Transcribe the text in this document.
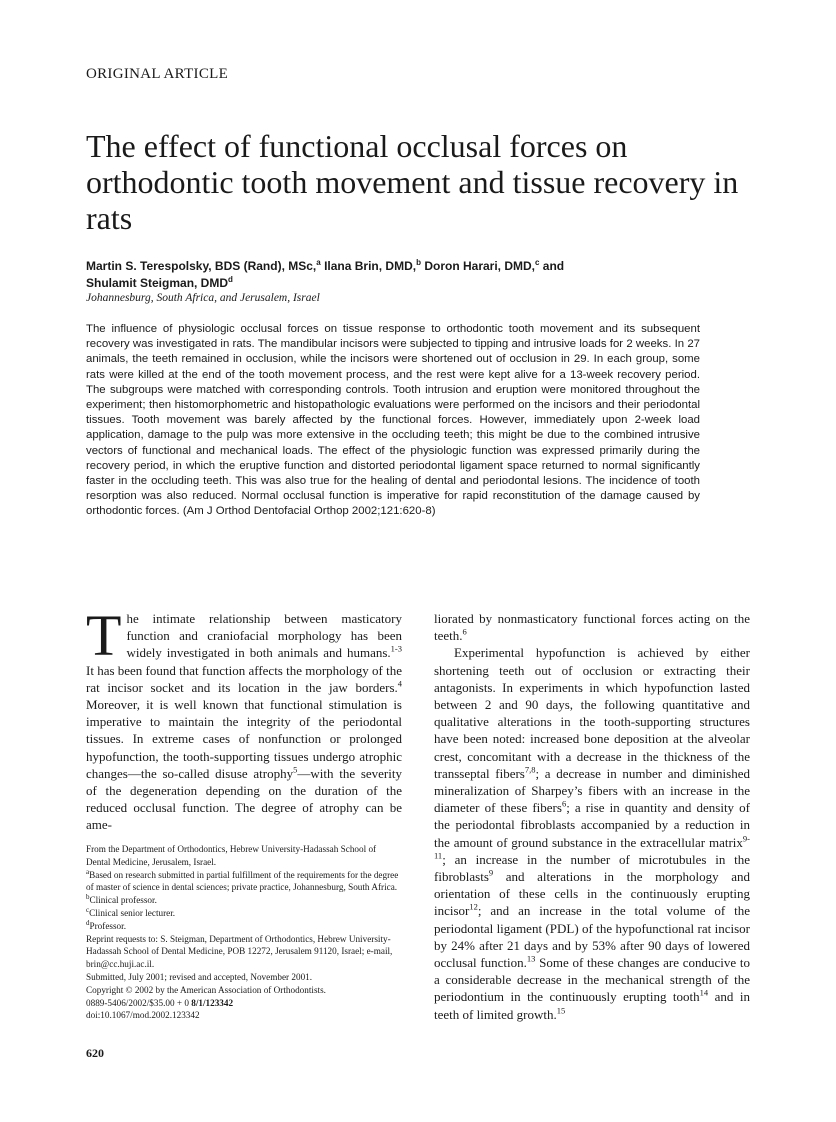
ORIGINAL ARTICLE
The effect of functional occlusal forces on orthodontic tooth movement and tissue recovery in rats
Martin S. Terespolsky, BDS (Rand), MSc,$^a$ Ilana Brin, DMD,$^b$ Doron Harari, DMD,$^c$ and
Shulamit Steigman, DMD$^d$
Johannesburg, South Africa, and Jerusalem, Israel

The influence of physiologic occlusal forces on tissue response to orthodontic tooth movement and its subsequent recovery was investigated in rats. The mandibular incisors were subjected to tipping and intrusive loads for 2 weeks. In 27 animals, the teeth remained in occlusion, while the incisors were shortened out of occlusion in 29. In each group, some rats were killed at the end of the tooth movement process, and the rest were kept alive for a 13-week recovery period. The subgroups were matched with corresponding controls. Tooth intrusion and eruption were monitored throughout the experiment; then histomorphometric and histopathologic evaluations were performed on the incisors and their periodontal tissues. Tooth movement was barely affected by the functional forces. However, immediately upon 2-week load application, damage to the pulp was more extensive in the occluding teeth; this might be due to the combined intrusive vectors of functional and mechanical loads. The effect of the physiologic function was expressed primarily during the recovery period, in which the eruptive function and distorted periodontal ligament space returned to normal significantly faster in the occluding teeth. This was also true for the healing of dental and periodontal lesions. The incidence of tooth resorption was also reduced. Normal occlusal function is imperative for rapid reconstitution of the damage caused by orthodontic forces. (Am J Orthod Dentofacial Orthop 2002;121:620-8)

T he intimate relationship between masticatory function and craniofacial morphology has been widely investigated in both animals and humans.$^{1-3}$ It has been found that function affects the morphology of the rat incisor socket and its location in the jaw borders.$^4$ Moreover, it is well known that functional stimulation is imperative to maintain the integrity of the periodontal tissues. In extreme cases of nonfunction or prolonged hypofunction, the tooth-supporting tissues undergo atrophic changes—the so-called disuse atrophy$^5$—with the severity of the degeneration depending on the duration of the reduced occlusal function. The degree of atrophy can be ame-

liorated by nonmasticatory functional forces acting on the teeth.$^6$

Experimental hypofunction is achieved by either shortening teeth out of occlusion or extracting their antagonists. In experiments in which hypofunction lasted between 2 and 90 days, the following quantitative and qualitative alterations in the tooth-supporting structures have been noted: increased bone deposition at the alveolar crest, concomitant with a decrease in the thickness of the transseptal fibers$^{7,8}$; a decrease in number and diminished mineralization of Sharpey’s fibers with an increase in the diameter of these fibers$^6$; a rise in quantity and density of the periodontal fibroblasts accompanied by a reduction in the amount of ground substance in the extracellular matrix$^{9-11}$; an increase in the number of microtubules in the fibroblasts$^9$ and alterations in the morphology and orientation of these cells in the continuously erupting incisor$^{12}$; and an increase in the total volume of the periodontal ligament (PDL) of the hypofunctional rat incisor by 24% after 21 days and by 53% after 90 days of lowered occlusal function.$^{13}$ Some of these changes are conducive to a considerable decrease in the mechanical strength of the periodontium in the continuously erupting tooth$^{14}$ and in teeth of limited growth.$^{15}$

From the Department of Orthodontics, Hebrew University-Hadassah School of Dental Medicine, Jerusalem, Israel.

$^a$Based on research submitted in partial fulfillment of the requirements for the degree of master of science in dental sciences; private practice, Johannesburg, South Africa.

$^b$Clinical professor.

$^c$Clinical senior lecturer.

$^d$Professor.

Reprint requests to: S. Steigman, Department of Orthodontics, Hebrew University-Hadassah School of Dental Medicine, POB 12272, Jerusalem 91120, Israel; e-mail, brin@cc.huji.ac.il.

Submitted, July 2001; revised and accepted, November 2001.

Copyright © 2002 by the American Association of Orthodontists.

0889-5406/2002/$35.00 + 0 8/1/123342

doi:10.1067/mod.2002.123342

620
